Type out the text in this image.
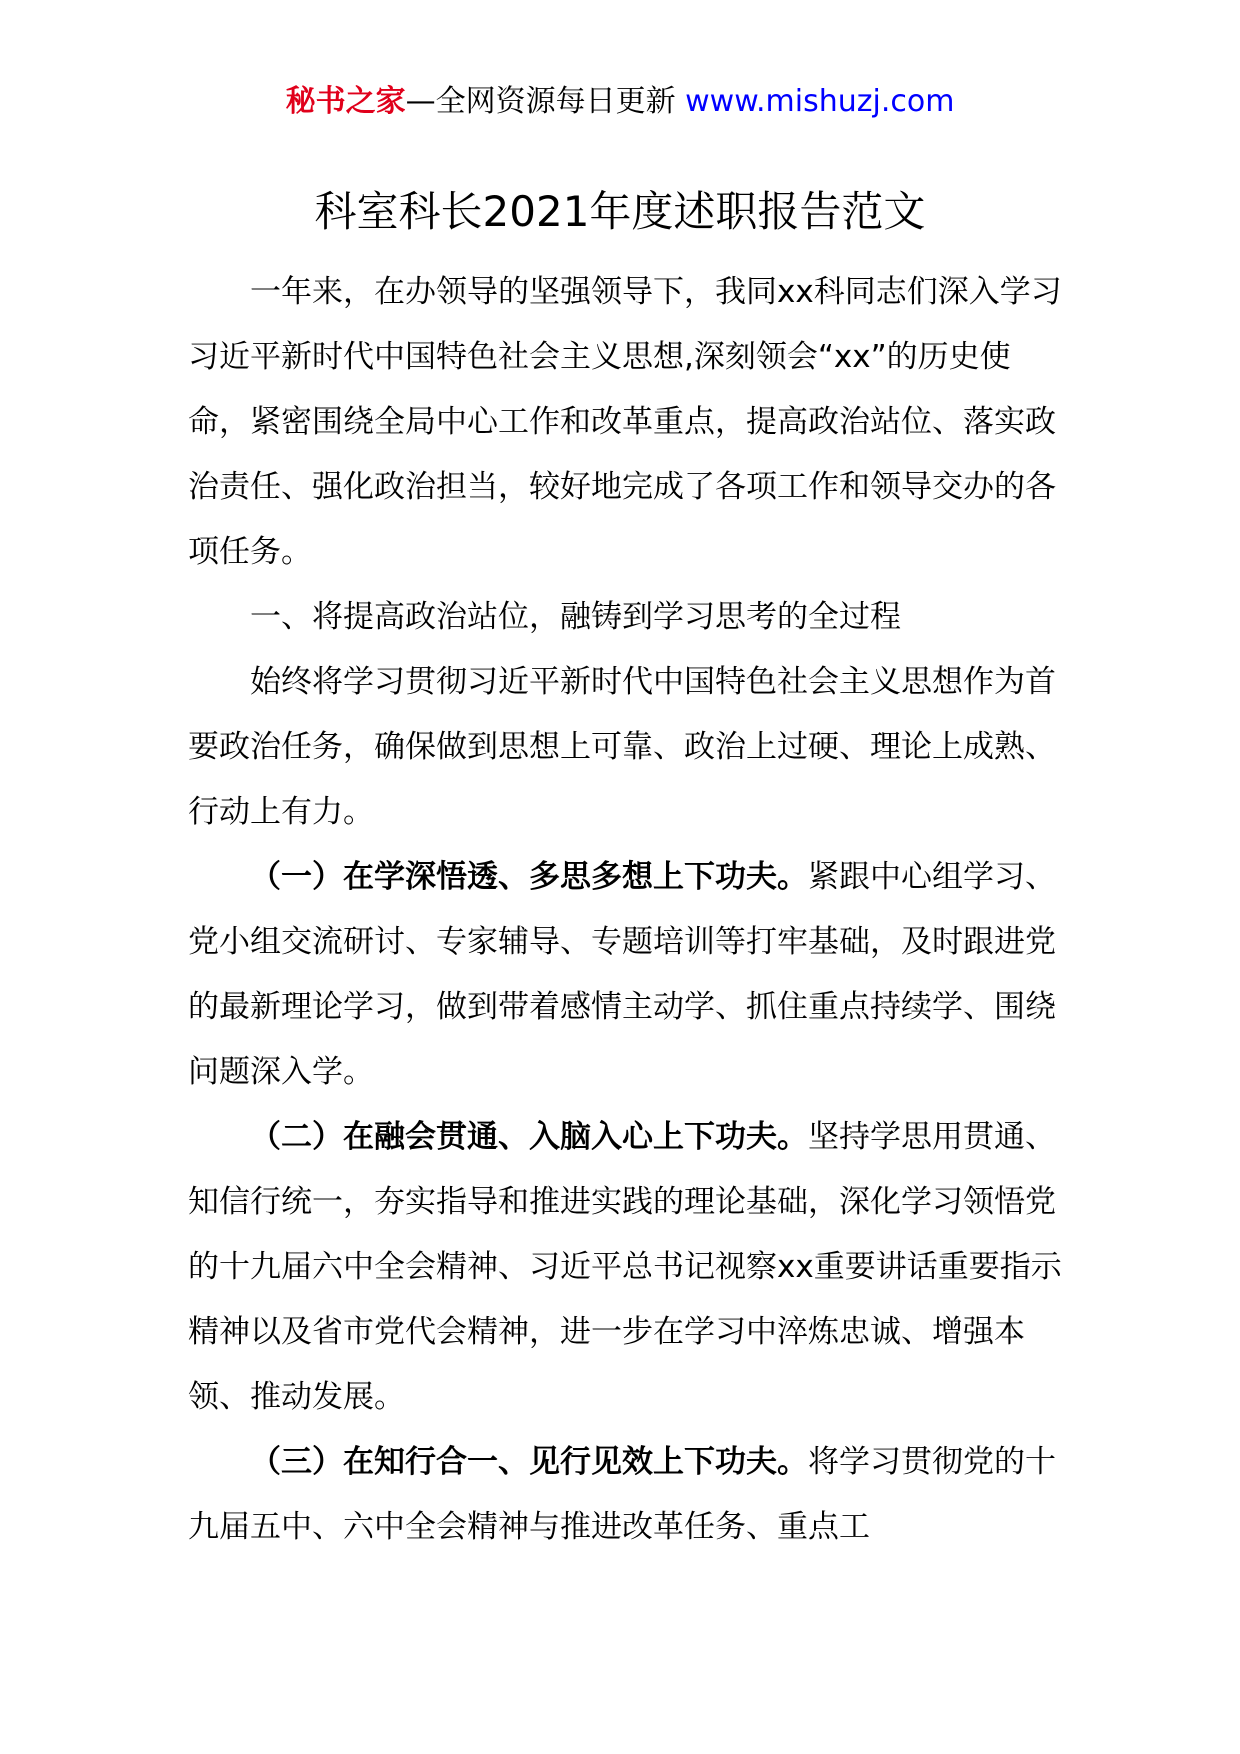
秘书之家—全网资源每日更新 www.mishuzj.com
科室科长2021年度述职报告范文

一年来，在办领导的坚强领导下，我同xx科同志们深入学习习近平新时代中国特色社会主义思想,深刻领会“xx”的历史使命，紧密围绕全局中心工作和改革重点，提高政治站位、落实政治责任、强化政治担当，较好地完成了各项工作和领导交办的各项任务。

一、将提高政治站位，融铸到学习思考的全过程

始终将学习贯彻习近平新时代中国特色社会主义思想作为首要政治任务，确保做到思想上可靠、政治上过硬、理论上成熟、行动上有力。

（一）在学深悟透、多思多想上下功夫。紧跟中心组学习、党小组交流研讨、专家辅导、专题培训等打牢基础，及时跟进党的最新理论学习，做到带着感情主动学、抓住重点持续学、围绕问题深入学。

（二）在融会贯通、入脑入心上下功夫。坚持学思用贯通、知信行统一，夯实指导和推进实践的理论基础，深化学习领悟党的十九届六中全会精神、习近平总书记视察xx重要讲话重要指示精神以及省市党代会精神，进一步在学习中淬炼忠诚、增强本领、推动发展。

（三）在知行合一、见行见效上下功夫。将学习贯彻党的十九届五中、六中全会精神与推进改革任务、重点工
